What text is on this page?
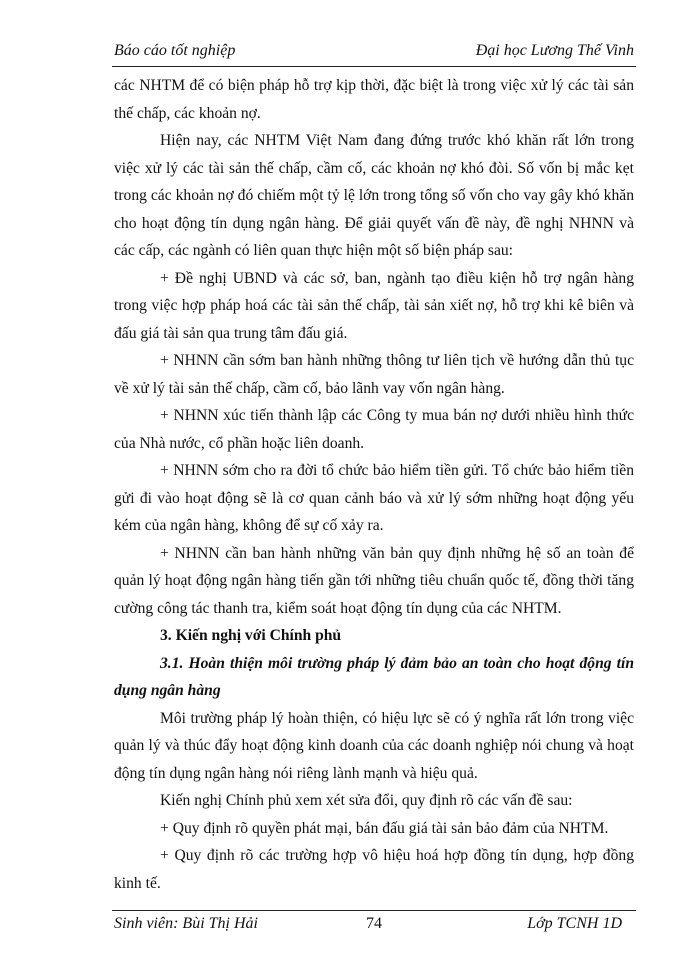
Báo cáo tốt nghiệp	Đại học Lương Thế Vinh

các NHTM để có biện pháp hỗ trợ kịp thời, đặc biệt là trong việc xử lý các tài sản thế chấp, các khoản nợ.

Hiện nay, các NHTM Việt Nam đang đứng trước khó khăn rất lớn trong việc xử lý các tài sản thế chấp, cầm cố, các khoản nợ khó đòi. Số vốn bị mắc kẹt trong các khoản nợ đó chiếm một tỷ lệ lớn trong tổng số vốn cho vay gây khó khăn cho hoạt động tín dụng ngân hàng. Để giải quyết vấn đề này, đề nghị NHNN và các cấp, các ngành có liên quan thực hiện một số biện pháp sau:

+ Đề nghị UBND và các sở, ban, ngành tạo điều kiện hỗ trợ ngân hàng trong việc hợp pháp hoá các tài sản thế chấp, tài sản xiết nợ, hỗ trợ khi kê biên và đấu giá tài sản qua trung tâm đấu giá.

+ NHNN cần sớm ban hành những thông tư liên tịch về hướng dẫn thủ tục về xử lý tài sản thế chấp, cầm cố, bảo lãnh vay vốn ngân hàng.

+ NHNN xúc tiến thành lập các Công ty mua bán nợ dưới nhiều hình thức của Nhà nước, cổ phần hoặc liên doanh.

+ NHNN sớm cho ra đời tổ chức bảo hiểm tiền gửi. Tổ chức bảo hiểm tiền gửi đi vào hoạt động sẽ là cơ quan cảnh báo và xử lý sớm những hoạt động yếu kém của ngân hàng, không để sự cố xảy ra.

+ NHNN cần ban hành những văn bản quy định những hệ số an toàn để quản lý hoạt động ngân hàng tiến gần tới những tiêu chuẩn quốc tế, đồng thời tăng cường công tác thanh tra, kiểm soát hoạt động tín dụng của các NHTM.

3. Kiến nghị với Chính phủ

3.1. Hoàn thiện môi trường pháp lý đảm bảo an toàn cho hoạt động tín dụng ngân hàng

Môi trường pháp lý hoàn thiện, có hiệu lực sẽ có ý nghĩa rất lớn trong việc quản lý và thúc đẩy hoạt động kinh doanh của các doanh nghiệp nói chung và hoạt động tín dụng ngân hàng nói riêng lành mạnh và hiệu quả.

Kiến nghị Chính phủ xem xét sửa đổi, quy định rõ các vấn đề sau:

+ Quy định rõ quyền phát mại, bán đấu giá tài sản bảo đảm của NHTM.

+ Quy định rõ các trường hợp vô hiệu hoá hợp đồng tín dụng, hợp đồng kinh tế.

Sinh viên: Bùi Thị Hải	74	Lớp TCNH 1D
